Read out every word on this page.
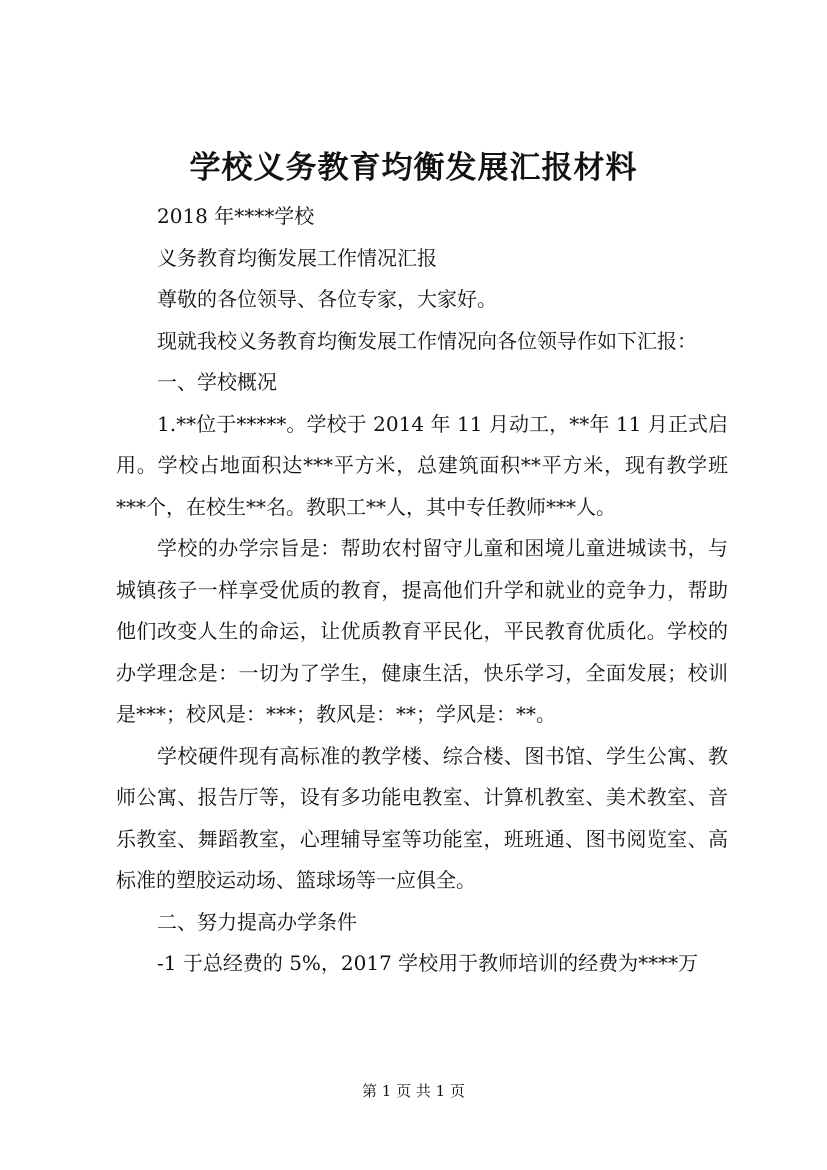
学校义务教育均衡发展汇报材料

2018 年****学校

义务教育均衡发展工作情况汇报

尊敬的各位领导、各位专家，大家好。

现就我校义务教育均衡发展工作情况向各位领导作如下汇报：

一、学校概况

1.**位于*****。学校于 2014 年 11 月动工，**年 11 月正式启用。学校占地面积达***平方米，总建筑面积**平方米，现有教学班***个，在校生**名。教职工**人，其中专任教师***人。

学校的办学宗旨是：帮助农村留守儿童和困境儿童进城读书，与城镇孩子一样享受优质的教育，提高他们升学和就业的竞争力，帮助他们改变人生的命运，让优质教育平民化，平民教育优质化。学校的办学理念是：一切为了学生，健康生活，快乐学习，全面发展；校训是***；校风是：***；教风是：**；学风是：**。

学校硬件现有高标准的教学楼、综合楼、图书馆、学生公寓、教师公寓、报告厅等，设有多功能电教室、计算机教室、美术教室、音乐教室、舞蹈教室，心理辅导室等功能室，班班通、图书阅览室、高标准的塑胶运动场、篮球场等一应俱全。

二、努力提高办学条件

-1 于总经费的 5%，2017 学校用于教师培训的经费为****万

第 1 页 共 1 页
